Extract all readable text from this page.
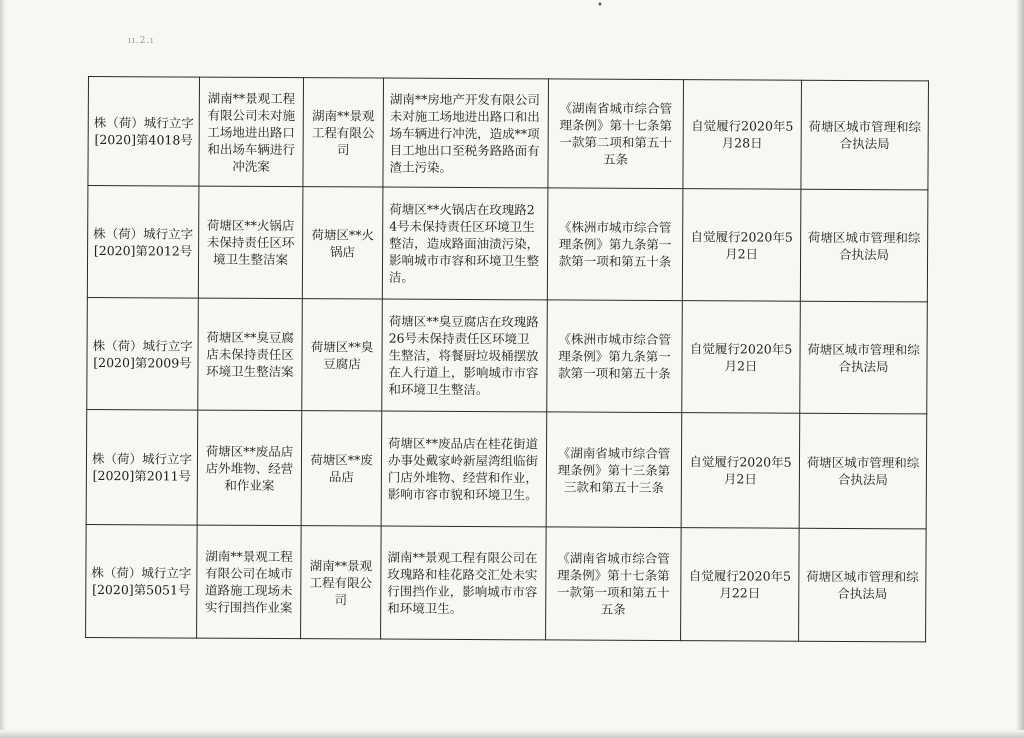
ıı.2.ı
•
株（荷）城行立字[2020]第4018号	湖南**景观工程有限公司未对施工场地进出路口和出场车辆进行冲洗案	湖南**景观工程有限公司	湖南**房地产开发有限公司未对施工场地进出路口和出场车辆进行冲洗，造成**项目工地出口至税务路路面有渣土污染。	《湖南省城市综合管理条例》第十七条第一款第二项和第五十五条	自觉履行2020年5月28日	荷塘区城市管理和综合执法局
株（荷）城行立字[2020]第2012号	荷塘区**火锅店未保持责任区环境卫生整洁案	荷塘区**火锅店	荷塘区**火锅店在玫瑰路24号未保持责任区环境卫生整洁，造成路面油渍污染，影响城市市容和环境卫生整洁。	《株洲市城市综合管理条例》第九条第一款第一项和第五十条	自觉履行2020年5月2日	荷塘区城市管理和综合执法局
株（荷）城行立字[2020]第2009号	荷塘区**臭豆腐店未保持责任区环境卫生整洁案	荷塘区**臭豆腐店	荷塘区**臭豆腐店在玫瑰路26号未保持责任区环境卫生整洁，将餐厨垃圾桶摆放在人行道上，影响城市市容和环境卫生整洁。	《株洲市城市综合管理条例》第九条第一款第一项和第五十条	自觉履行2020年5月2日	荷塘区城市管理和综合执法局
株（荷）城行立字[2020]第2011号	荷塘区**废品店店外堆物、经营和作业案	荷塘区**废品店	荷塘区**废品店在桂花街道办事处戴家岭新屋湾组临街门店外堆物、经营和作业，影响市容市貌和环境卫生。	《湖南省城市综合管理条例》第十三条第三款和第五十三条	自觉履行2020年5月2日	荷塘区城市管理和综合执法局
株（荷）城行立字[2020]第5051号	湖南**景观工程有限公司在城市道路施工现场未实行围挡作业案	湖南**景观工程有限公司	湖南**景观工程有限公司在玫瑰路和桂花路交汇处未实行围挡作业，影响城市市容和环境卫生。	《湖南省城市综合管理条例》第十七条第一款第一项和第五十五条	自觉履行2020年5月22日	荷塘区城市管理和综合执法局
